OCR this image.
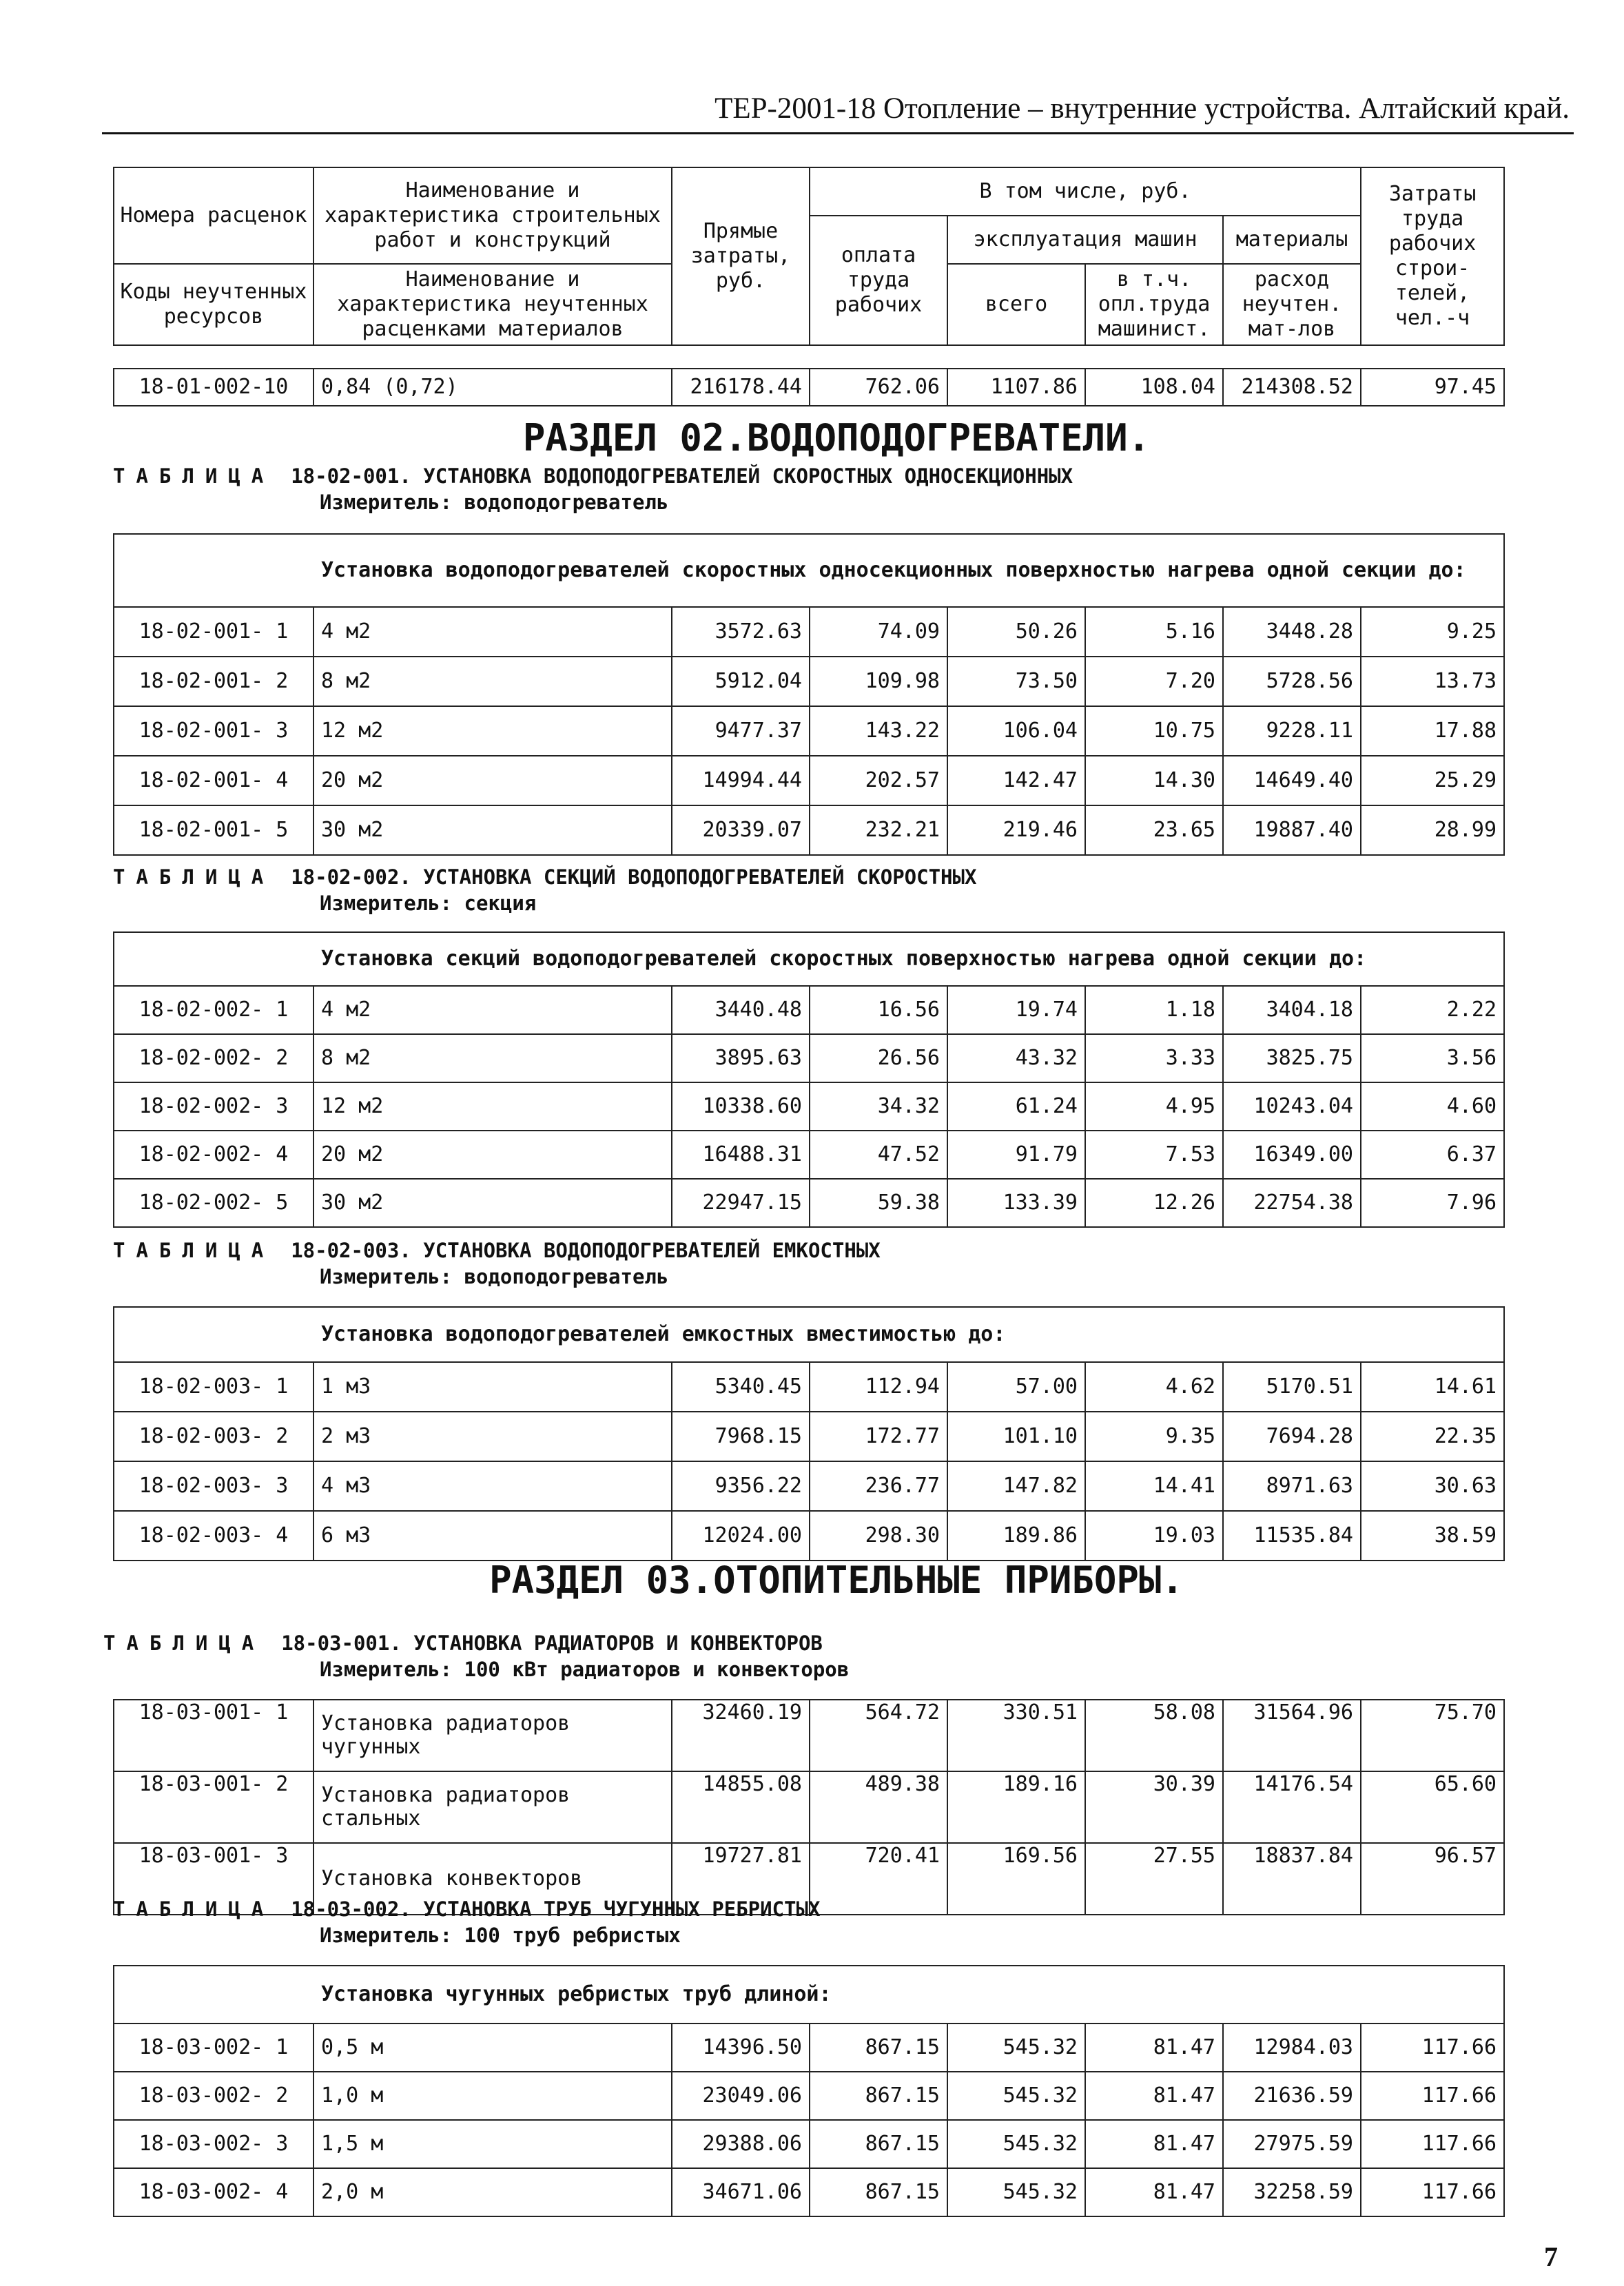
ТЕР-2001-18 Отопление – внутренние устройства. Алтайский край.
Номера расценок	Наименование и характеристика строительных работ и конструкций	Прямые затраты, руб.	В том числе, руб.				Затраты труда рабочих строи-телей, чел.-ч
			оплата труда рабочих	эксплуатация машин		материалы	
Коды неучтенных ресурсов	Наименование и характеристика неучтенных расценками материалов			всего	в т.ч. опл.труда машинист.	расход неучтен. мат-лов	

18-01-002-10	0,84 (0,72)	216178.44	762.06	1107.86	108.04	214308.52	97.45
РАЗДЕЛ 02.ВОДОПОДОГРЕВАТЕЛИ.
ТАБЛИЦА 18-02-001. УСТАНОВКА ВОДОПОДОГРЕВАТЕЛЕЙ СКОРОСТНЫХ ОДНОСЕКЦИОННЫХ
Измеритель: водоподогреватель
Установка водоподогревателей скоростных односекционных поверхностью нагрева одной секции до:							
18-02-001- 1	4 м2	3572.63	74.09	50.26	5.16	3448.28	9.25
18-02-001- 2	8 м2	5912.04	109.98	73.50	7.20	5728.56	13.73
18-02-001- 3	12 м2	9477.37	143.22	106.04	10.75	9228.11	17.88
18-02-001- 4	20 м2	14994.44	202.57	142.47	14.30	14649.40	25.29
18-02-001- 5	30 м2	20339.07	232.21	219.46	23.65	19887.40	28.99
ТАБЛИЦА 18-02-002. УСТАНОВКА СЕКЦИЙ ВОДОПОДОГРЕВАТЕЛЕЙ СКОРОСТНЫХ
Измеритель: секция
Установка секций водоподогревателей скоростных поверхностью нагрева одной секции до:							
18-02-002- 1	4 м2	3440.48	16.56	19.74	1.18	3404.18	2.22
18-02-002- 2	8 м2	3895.63	26.56	43.32	3.33	3825.75	3.56
18-02-002- 3	12 м2	10338.60	34.32	61.24	4.95	10243.04	4.60
18-02-002- 4	20 м2	16488.31	47.52	91.79	7.53	16349.00	6.37
18-02-002- 5	30 м2	22947.15	59.38	133.39	12.26	22754.38	7.96
ТАБЛИЦА 18-02-003. УСТАНОВКА ВОДОПОДОГРЕВАТЕЛЕЙ ЕМКОСТНЫХ
Измеритель: водоподогреватель
Установка водоподогревателей емкостных вместимостью до:							
18-02-003- 1	1 м3	5340.45	112.94	57.00	4.62	5170.51	14.61
18-02-003- 2	2 м3	7968.15	172.77	101.10	9.35	7694.28	22.35
18-02-003- 3	4 м3	9356.22	236.77	147.82	14.41	8971.63	30.63
18-02-003- 4	6 м3	12024.00	298.30	189.86	19.03	11535.84	38.59
РАЗДЕЛ 03.ОТОПИТЕЛЬНЫЕ ПРИБОРЫ.
ТАБЛИЦА 18-03-001. УСТАНОВКА РАДИАТОРОВ И КОНВЕКТОРОВ
Измеритель: 100 кВт радиаторов и конвекторов
18-03-001- 1	Установка радиаторов чугунных	32460.19	564.72	330.51	58.08	31564.96	75.70
18-03-001- 2	Установка радиаторов стальных	14855.08	489.38	189.16	30.39	14176.54	65.60
18-03-001- 3	Установка конвекторов	19727.81	720.41	169.56	27.55	18837.84	96.57
ТАБЛИЦА 18-03-002. УСТАНОВКА ТРУБ ЧУГУННЫХ РЕБРИСТЫХ
Измеритель: 100 труб ребристых
Установка чугунных ребристых труб длиной:							
18-03-002- 1	0,5 м	14396.50	867.15	545.32	81.47	12984.03	117.66
18-03-002- 2	1,0 м	23049.06	867.15	545.32	81.47	21636.59	117.66
18-03-002- 3	1,5 м	29388.06	867.15	545.32	81.47	27975.59	117.66
18-03-002- 4	2,0 м	34671.06	867.15	545.32	81.47	32258.59	117.66
7
